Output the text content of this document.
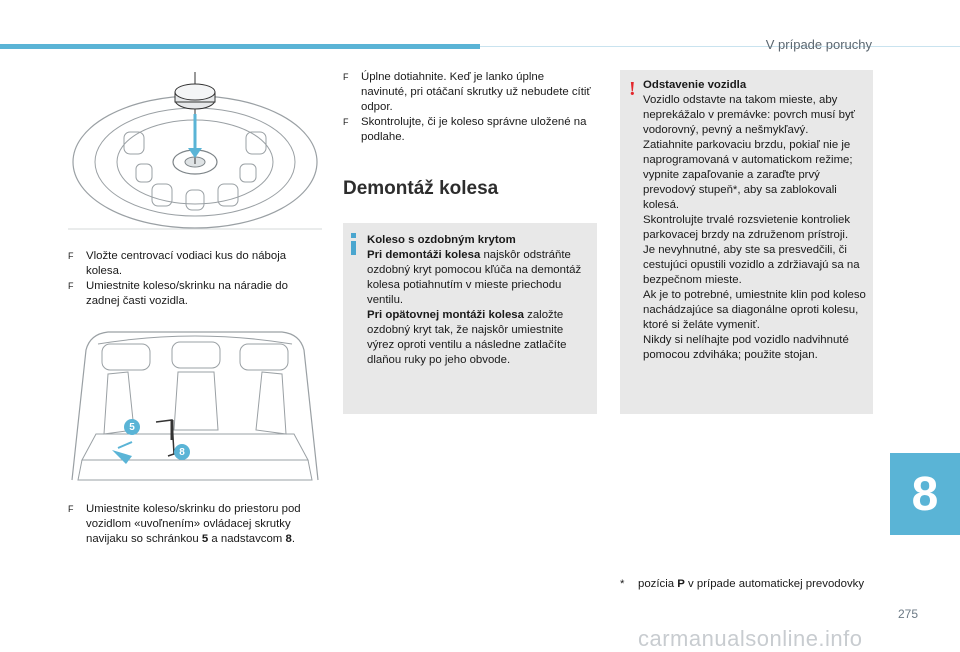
V prípade poruchy
F Vložte centrovací vodiaci kus do náboja kolesa.
F Umiestnite koleso/skrinku na náradie do zadnej časti vozidla.
5
8
F Umiestnite koleso/skrinku do priestoru pod vozidlom «uvoľnením» ovládacej skrutky navijaku so schránkou 5 a nadstavcom 8.
F Úplne dotiahnite. Keď je lanko úplne navinuté, pri otáčaní skrutky už nebudete cítiť odpor.
F Skontrolujte, či je koleso správne uložené na podlahe.
Demontáž kolesa
Koleso s ozdobným krytom
Pri demontáži kolesa najskôr odstráňte ozdobný kryt pomocou kľúča na demontáž kolesa potiahnutím v mieste priechodu ventilu.
Pri opätovnej montáži kolesa založte ozdobný kryt tak, že najskôr umiestnite výrez oproti ventilu a následne zatlačíte dlaňou ruky po jeho obvode.
! Odstavenie vozidla
Vozidlo odstavte na takom mieste, aby neprekážalo v premávke: povrch musí byť vodorovný, pevný a nešmykľavý.
Zatiahnite parkovaciu brzdu, pokiaľ nie je naprogramovaná v automatickom režime; vypnite zapaľovanie a zaraďte prvý prevodový stupeň*, aby sa zablokovali kolesá.
Skontrolujte trvalé rozsvietenie kontroliek parkovacej brzdy na združenom prístroji.
Je nevyhnutné, aby ste sa presvedčili, či cestujúci opustili vozidlo a zdržiavajú sa na bezpečnom mieste.
Ak je to potrebné, umiestnite klin pod koleso nachádzajúce sa diagonálne oproti kolesu, ktoré si želáte vymeniť.
Nikdy si nelíhajte pod vozidlo nadvihnuté pomocou zdviháka; použite stojan.
* pozícia P v prípade automatickej prevodovky
8
275
carmanualsonline.info
